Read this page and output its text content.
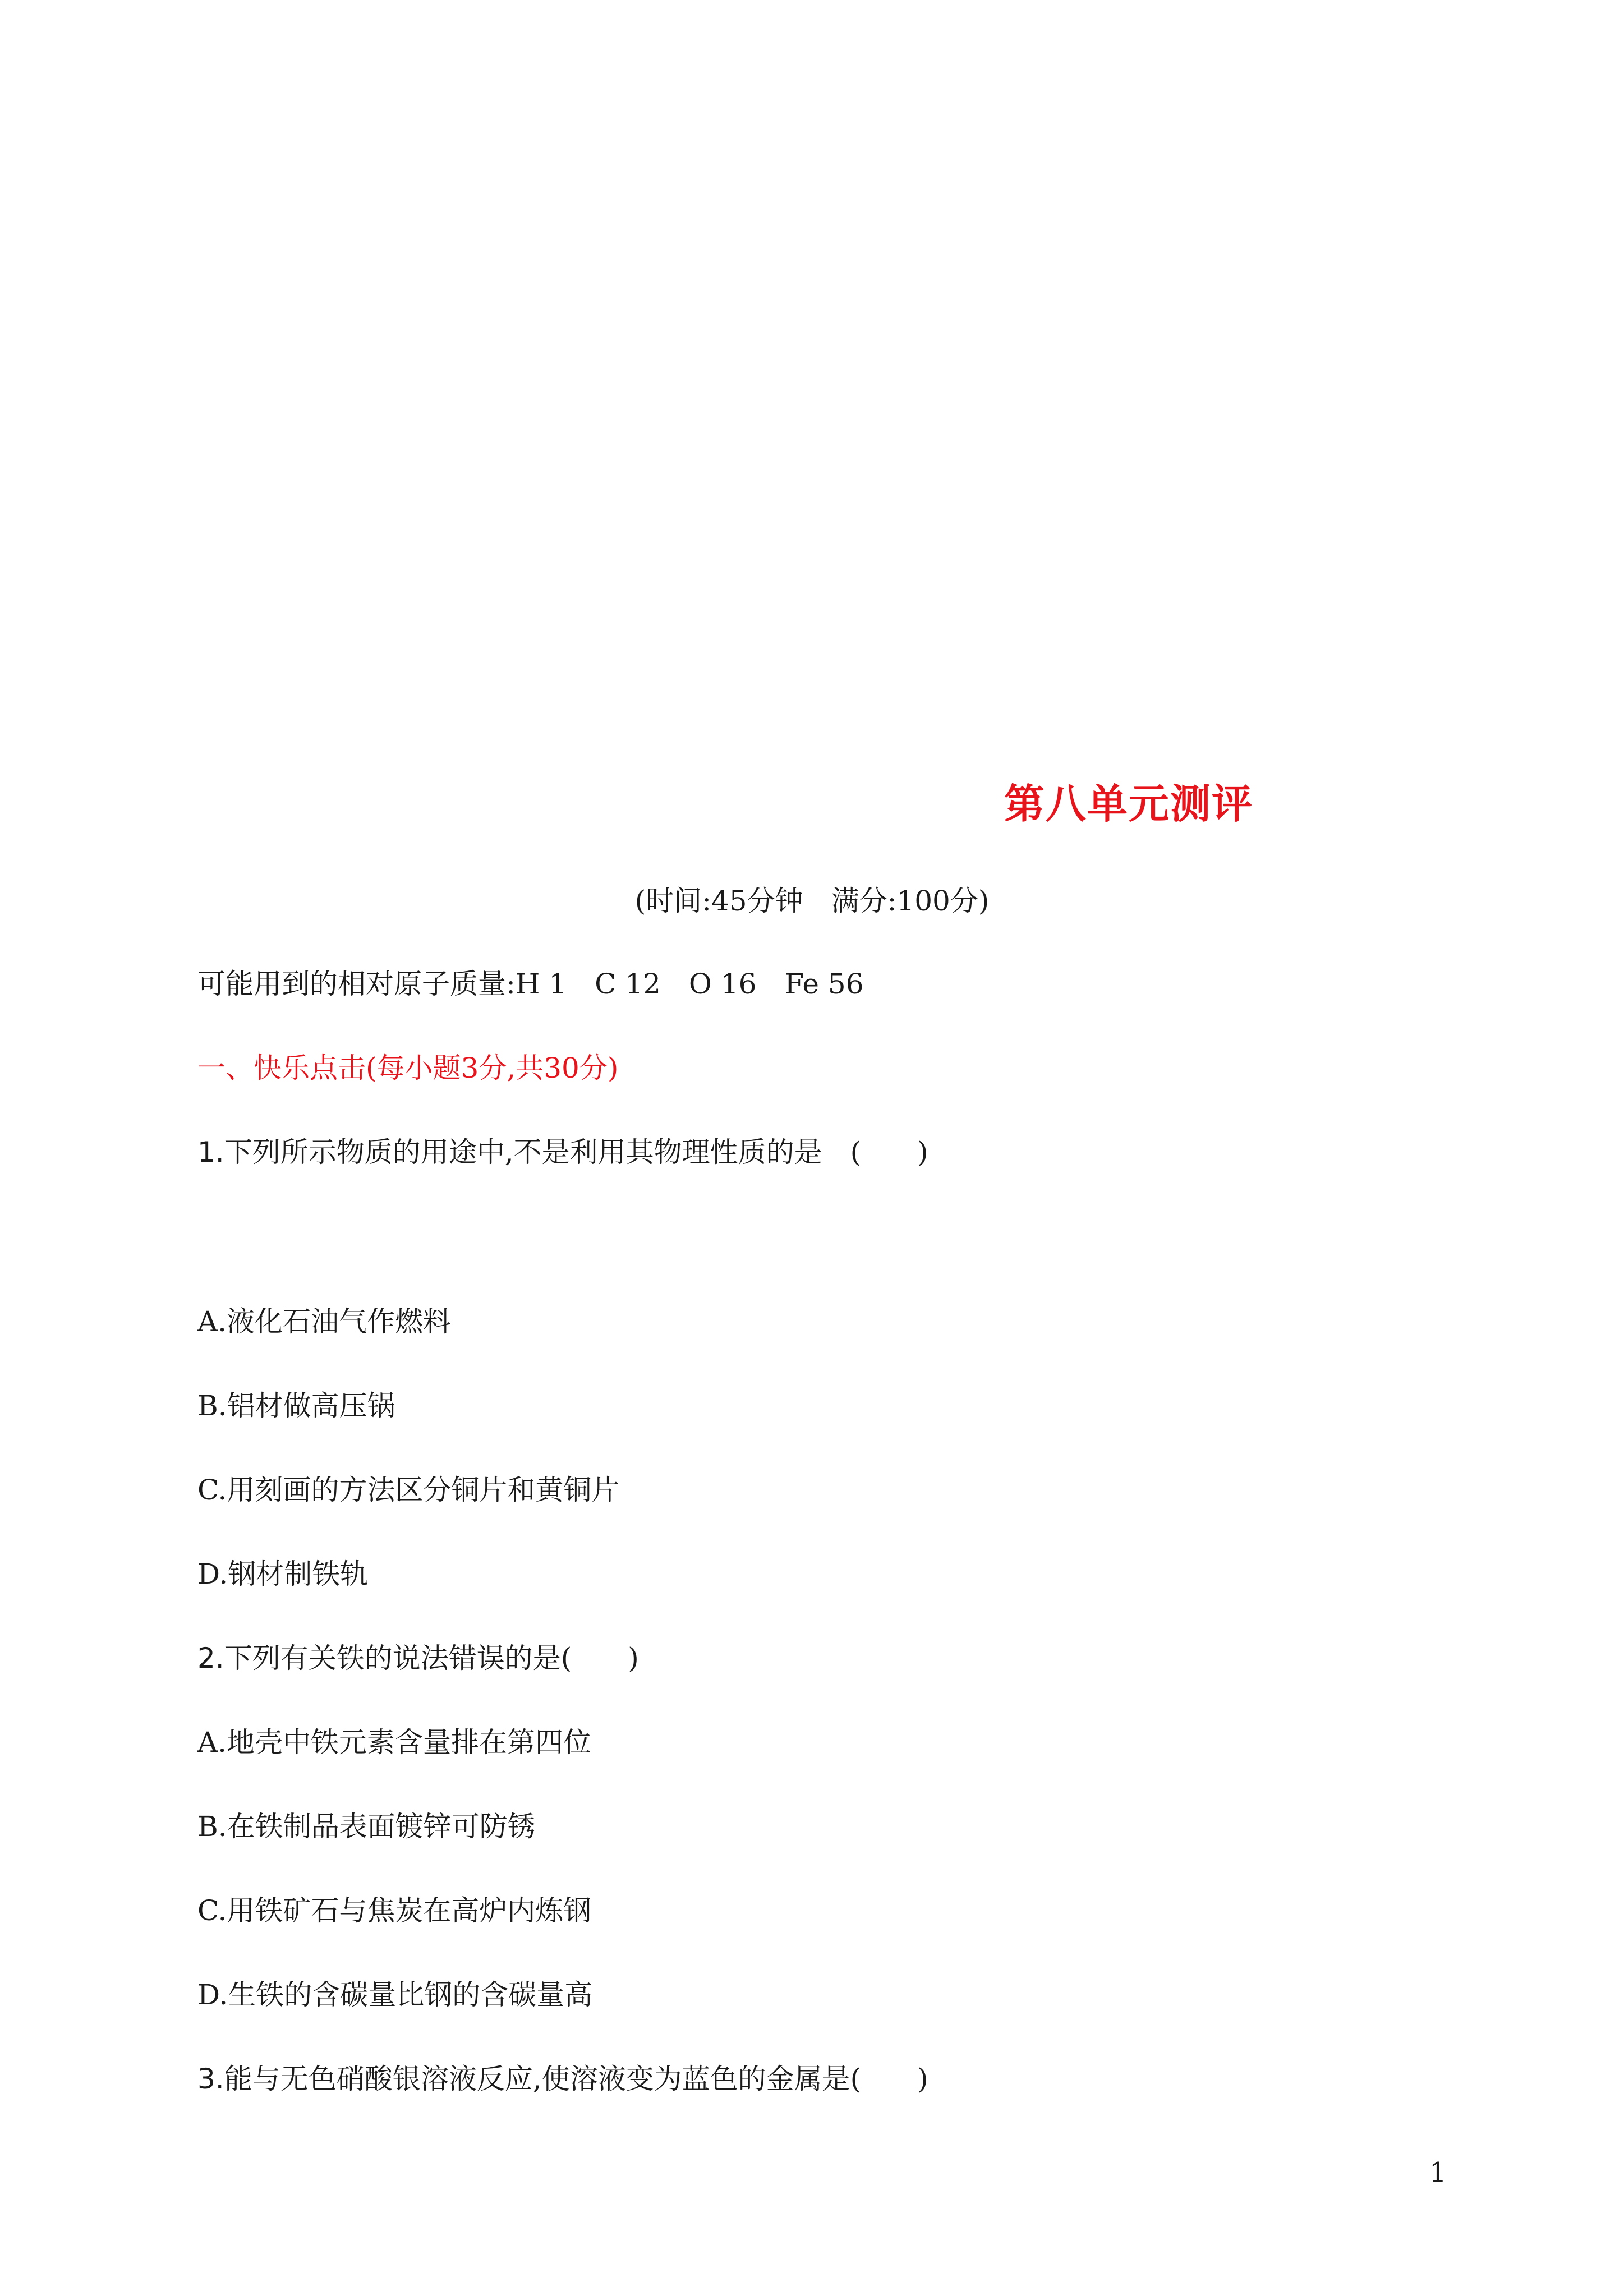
第八单元测评
(时间:45分钟　满分:100分)
可能用到的相对原子质量:H 1　C 12　O 16　Fe 56
一、快乐点击(每小题3分,共30分)
1.下列所示物质的用途中,不是利用其物理性质的是　(　　)
A.液化石油气作燃料
B.铝材做高压锅
C.用刻画的方法区分铜片和黄铜片
D.钢材制铁轨
2.下列有关铁的说法错误的是(　　)
A.地壳中铁元素含量排在第四位
B.在铁制品表面镀锌可防锈
C.用铁矿石与焦炭在高炉内炼钢
D.生铁的含碳量比钢的含碳量高
3.能与无色硝酸银溶液反应,使溶液变为蓝色的金属是(　　)
1
